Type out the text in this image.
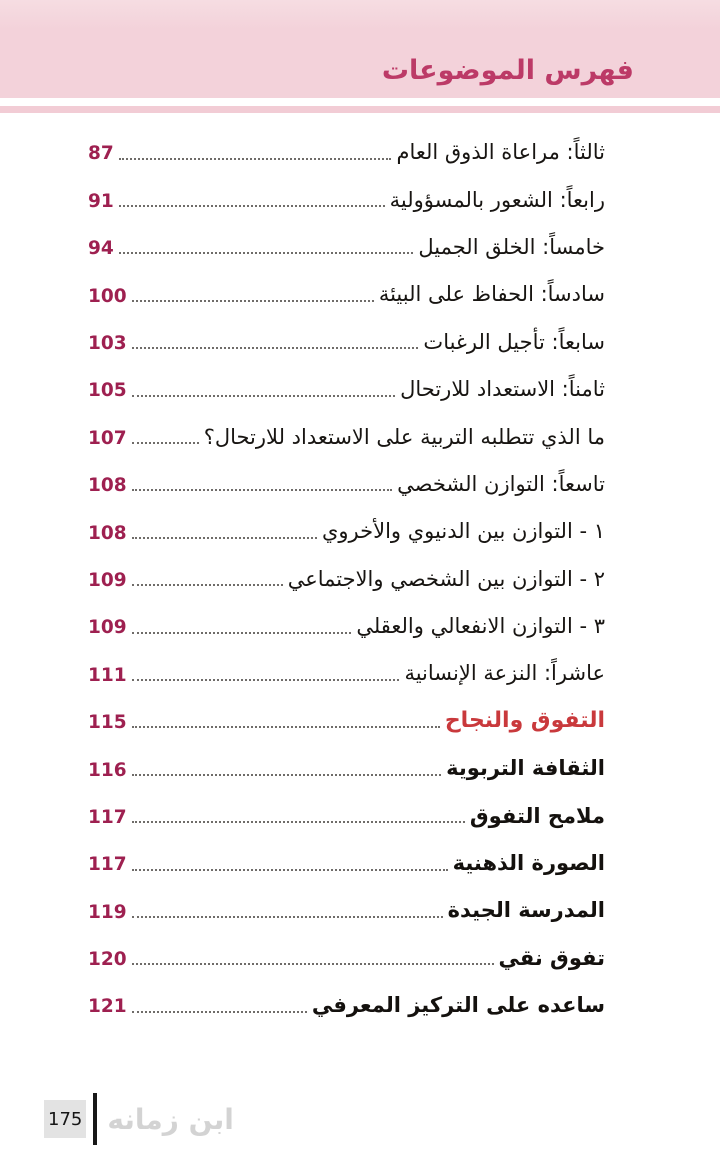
فهرس الموضوعات
ثالثاً: مراعاة الذوق العام
87
رابعاً: الشعور بالمسؤولية
91
خامساً: الخلق الجميل
94
سادساً: الحفاظ على البيئة
100
سابعاً: تأجيل الرغبات
103
ثامناً: الاستعداد للارتحال
105
ما الذي تتطلبه التربية على الاستعداد للارتحال؟
107
تاسعاً: التوازن الشخصي
108
١ - التوازن بين الدنيوي والأخروي
108
٢ - التوازن بين الشخصي والاجتماعي
109
٣ - التوازن الانفعالي والعقلي
109
عاشراً: النزعة الإنسانية
111
التفوق والنجاح
115
الثقافة التربوية
116
ملامح التفوق
117
الصورة الذهنية
117
المدرسة الجيدة
119
تفوق نقي
120
ساعده على التركيز المعرفي
121
175 ابن زمانه
